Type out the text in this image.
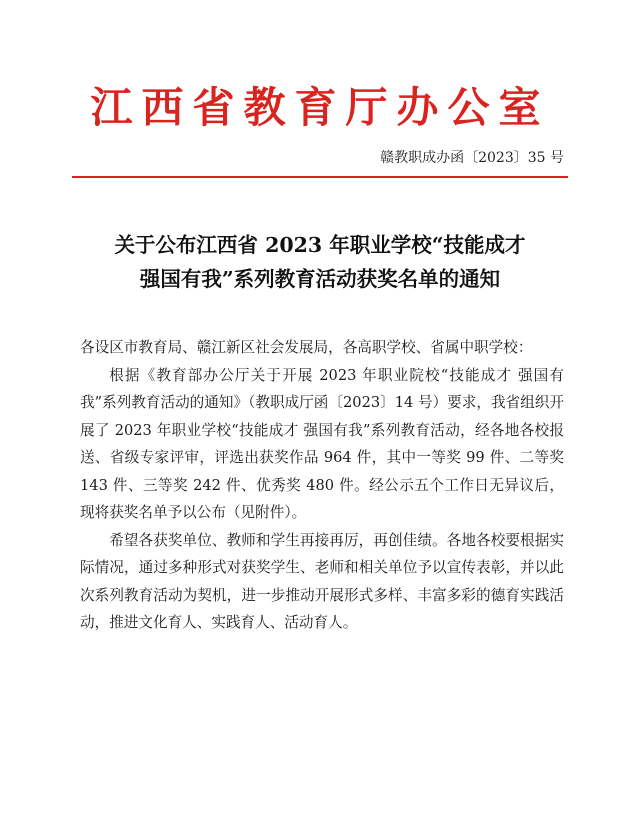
江西省教育厅办公室
赣教职成办函〔2023〕35 号
关于公布江西省 2023 年职业学校“技能成才
强国有我”系列教育活动获奖名单的通知

各设区市教育局、赣江新区社会发展局，各高职学校、省属中职学校：

根据《教育部办公厅关于开展 2023 年职业院校“技能成才 强国有我”系列教育活动的通知》（教职成厅函〔2023〕14 号）要求，我省组织开展了 2023 年职业学校“技能成才 强国有我”系列教育活动，经各地各校报送、省级专家评审，评选出获奖作品 964 件，其中一等奖 99 件、二等奖 143 件、三等奖 242 件、优秀奖 480 件。经公示五个工作日无异议后，现将获奖名单予以公布（见附件）。

希望各获奖单位、教师和学生再接再厉，再创佳绩。各地各校要根据实际情况，通过多种形式对获奖学生、老师和相关单位予以宣传表彰，并以此次系列教育活动为契机，进一步推动开展形式多样、丰富多彩的德育实践活动，推进文化育人、实践育人、活动育人。
